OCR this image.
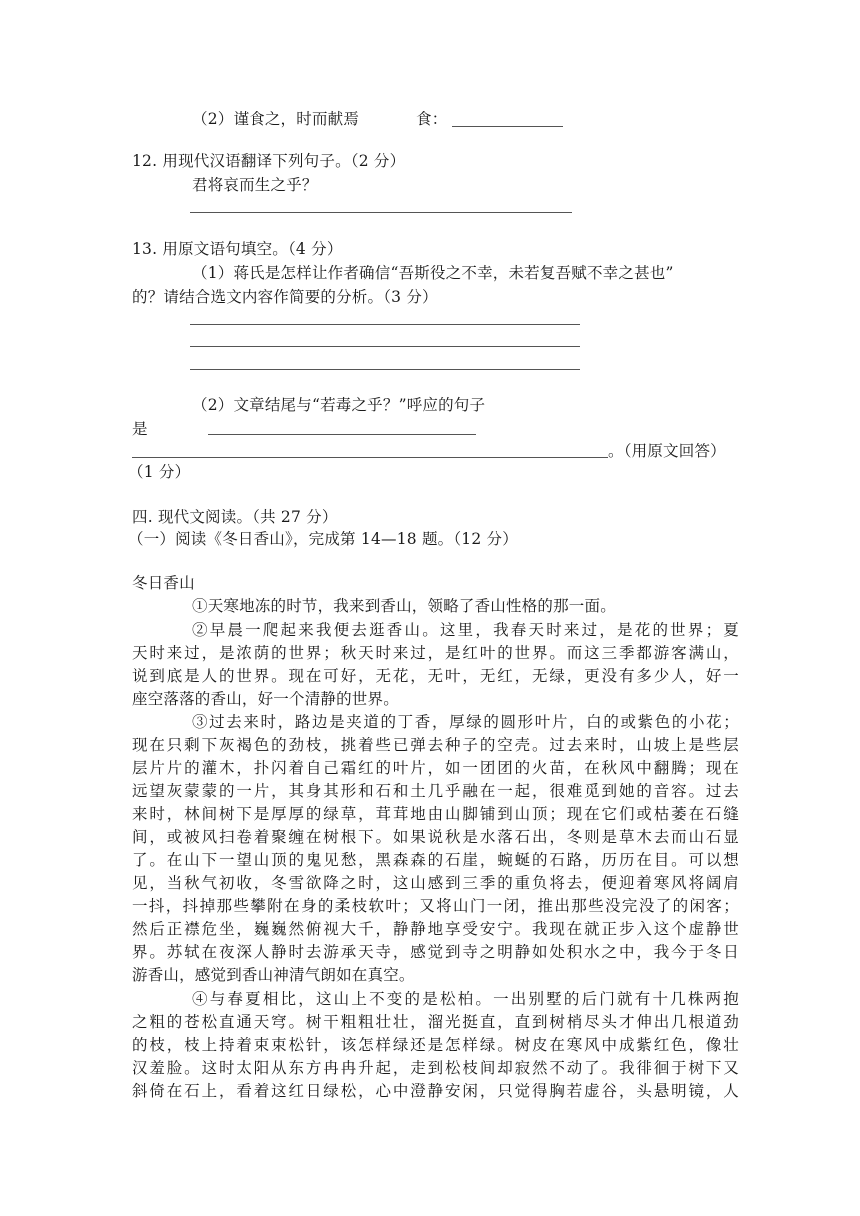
（2）谨食之，时而献焉	食：
12. 用现代汉语翻译下列句子。（2 分）
君将哀而生之乎？
13. 用原文语句填空。（4 分）
（1）蒋氏是怎样让作者确信“吾斯役之不幸，未若复吾赋不幸之甚也”
的？请结合选文内容作简要的分析。（3 分）
（2）文章结尾与“若毒之乎？”呼应的句子
是
。（用原文回答）
（1 分）
四. 现代文阅读。（共 27 分）
（一）阅读《冬日香山》，完成第 14—18 题。（12 分）
冬日香山
①天寒地冻的时节，我来到香山，领略了香山性格的那一面。
②早晨一爬起来我便去逛香山。这里，我春天时来过，是花的世界；夏
天时来过，是浓荫的世界；秋天时来过，是红叶的世界。而这三季都游客满山，
说到底是人的世界。现在可好，无花，无叶，无红，无绿，更没有多少人，好一
座空落落的香山，好一个清静的世界。
③过去来时，路边是夹道的丁香，厚绿的圆形叶片，白的或紫色的小花；
现在只剩下灰褐色的劲枝，挑着些已弹去种子的空壳。过去来时，山坡上是些层
层片片的灌木，扑闪着自己霜红的叶片，如一团团的火苗，在秋风中翻腾；现在
远望灰蒙蒙的一片，其身其形和石和土几乎融在一起，很难觅到她的音容。过去
来时，林间树下是厚厚的绿草，茸茸地由山脚铺到山顶；现在它们或枯萎在石缝
间，或被风扫卷着聚缠在树根下。如果说秋是水落石出，冬则是草木去而山石显
了。在山下一望山顶的鬼见愁，黑森森的石崖，蜿蜒的石路，历历在目。可以想
见，当秋气初收，冬雪欲降之时，这山感到三季的重负将去，便迎着寒风将阔肩
一抖，抖掉那些攀附在身的柔枝软叶；又将山门一闭，推出那些没完没了的闲客；
然后正襟危坐，巍巍然俯视大千，静静地享受安宁。我现在就正步入这个虚静世
界。苏轼在夜深人静时去游承天寺，感觉到寺之明静如处积水之中，我今于冬日
游香山，感觉到香山神清气朗如在真空。
④与春夏相比，这山上不变的是松柏。一出别墅的后门就有十几株两抱
之粗的苍松直通天穹。树干粗粗壮壮，溜光挺直，直到树梢尽头才伸出几根道劲
的枝，枝上持着束束松针，该怎样绿还是怎样绿。树皮在寒风中成紫红色，像壮
汉羞脸。这时太阳从东方冉冉升起，走到松枝间却寂然不动了。我徘徊于树下又
斜倚在石上，看着这红日绿松，心中澄静安闲，只觉得胸若虚谷，头悬明镜，人
